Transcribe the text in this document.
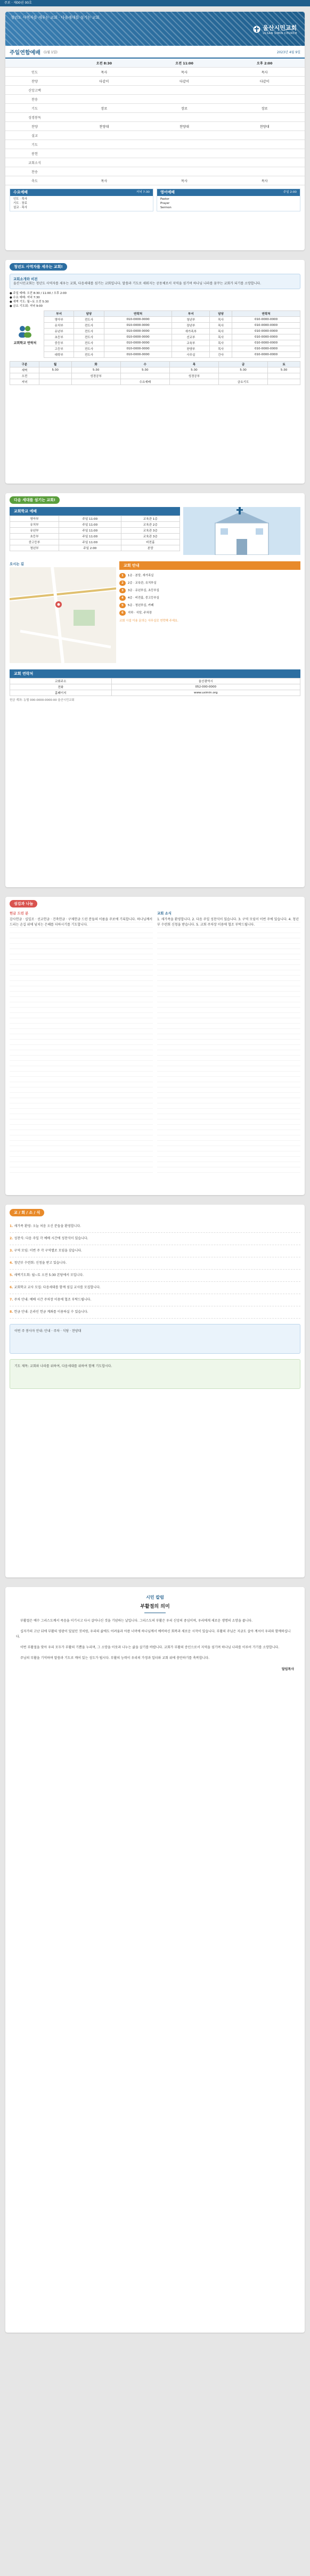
주보 · 제00권 00호
청년도 사역자를 세우는 교회 · 다음세대를 섬기는 교회
울산시민교회
ULSAN SIMIN CHURCH
주일연합예배 (1월 1일)	2023년 4월 9일
오전 8:30	오전 11:00	오후 2:00
인도	목사	목사	목사
찬양	다같이	다같이	다같이
신앙고백
찬송
기도	장로	장로	장로
성경봉독
찬양	찬양대	찬양대	찬양대
설교
기도
봉헌
교회소식
찬송
축도	목사	목사	목사
수요예배	저녁 7:30
인도 · 목사
기도 · 장로
설교 · 목사
영어예배	주일 2:00
Pastor
Prayer
Sermon
청년도 사역자를 세우는 교회!
교회소개와 비전
울산시민교회는 청년도 사역자를 세우는 교회, 다음세대를 섬기는 교회입니다. 말씀과 기도로 세워지는 공동체로서 지역을 섬기며 하나님 나라를 꿈꾸는 교회가 되기를 소망합니다.
● 주일 예배: 오전 8:30 / 11:00 / 오후 2:00
● 수요 예배: 저녁 7:30
● 새벽 기도: 월~토 오전 5:30
● 금요 기도회: 저녁 9:00
교회학교 연락처
부서	담당	연락처	부서	담당	연락처
영아부	전도사	010-0000-0000	청년부	목사	010-0000-0000
유치부	전도사	010-0000-0000	장년부	목사	010-0000-0000
유년부	전도사	010-0000-0000	새가족부	목사	010-0000-0000
초등부	전도사	010-0000-0000	선교부	목사	010-0000-0000
중등부	전도사	010-0000-0000	교육부	목사	010-0000-0000
고등부	전도사	010-0000-0000	찬양부	목사	010-0000-0000
대학부	전도사	010-0000-0000	사무실	간사	010-0000-0000
구분	월	화	수	목	금	토
새벽	5:30	5:30	5:30	5:30	5:30	5:30
오전		성경공부		성경공부		
저녁			수요예배		금요기도	
다음 세대를 섬기는 교회!
교회학교 예배
영아부	주일 11:00	교육관 1층
유치부	주일 11:00	교육관 2층
유년부	주일 11:00	교육관 3층
초등부	주일 11:00	교육관 3층
중고등부	주일 11:00	비전홀
청년부	주일 2:00	본당
오시는 길	교회 안내
1	1층 · 본당, 새가족실
2	2층 · 교육관, 유치부실
3	3층 · 유년부실, 초등부실
4	4층 · 비전홀, 중고등부실
5	5층 · 청년부실, 카페
6	지하 · 식당, 주차장
교회 시설 이용 문의는 사무실로 연락해 주세요.
교회 연락처
교회주소	울산광역시
전화	052-000-0000
홈페이지	www.usimin.org
헌금 계좌: 농협 000-0000-0000-00 울산시민교회
섬김과 나눔
헌금 드린 분
감사헌금 · 십일조 · 선교헌금 · 건축헌금 · 구제헌금 드린 분들의 이름을 주보에 기록합니다. 하나님께서 드리는 손길 위에 넘치는 은혜를 더하시기를 기도합니다.
교회 소식
1. 새가족을 환영합니다. 2. 다음 주일 성찬식이 있습니다. 3. 구역 모임이 이번 주에 있습니다. 4. 청년부 수련회 신청을 받습니다. 5. 교회 주차장 이용에 협조 부탁드립니다.
교 / 회 / 소 / 식
1. 새가족 환영: 오늘 처음 오신 분들을 환영합니다.
2. 성찬식: 다음 주일 각 예배 시간에 성찬식이 있습니다.
3. 구역 모임: 이번 주 각 구역별로 모임을 갖습니다.
4. 청년부 수련회: 신청을 받고 있습니다.
5. 새벽기도회: 월~토 오전 5:30 본당에서 모입니다.
6. 교회학교 교사 모집: 다음세대를 함께 섬길 교사를 모집합니다.
7. 주차 안내: 예배 시간 주차장 이용에 협조 부탁드립니다.
8. 헌금 안내: 온라인 헌금 계좌를 이용하실 수 있습니다.
이번 주 봉사자 안내: 안내 · 주차 · 식당 · 찬양대
기도 제목: 교회와 나라를 위하여, 다음세대를 위하여 함께 기도합시다.
시민 칼럼
부활절의 의미

부활절은 예수 그리스도께서 죽음을 이기시고 다시 살아나신 것을 기념하는 날입니다. 그리스도의 부활은 우리 신앙의 중심이며, 우리에게 새로운 생명의 소망을 줍니다.

십자가의 고난 뒤에 부활의 영광이 있었던 것처럼, 우리의 삶에도 어려움과 아픔 너머에 하나님께서 예비하신 회복과 새로운 시작이 있습니다. 부활의 주님은 지금도 살아 계셔서 우리와 함께하십니다.

이번 부활절을 맞아 우리 모두가 부활의 기쁨을 누리며, 그 소망을 이웃과 나누는 삶을 살기를 바랍니다. 교회가 부활의 증인으로서 지역을 섬기며 하나님 나라를 이루어 가기를 소망합니다.

주님의 부활을 기억하며 말씀과 기도로 깨어 있는 성도가 됩시다. 부활의 능력이 우리의 가정과 일터와 교회 위에 충만하기를 축복합니다.

담임목사
